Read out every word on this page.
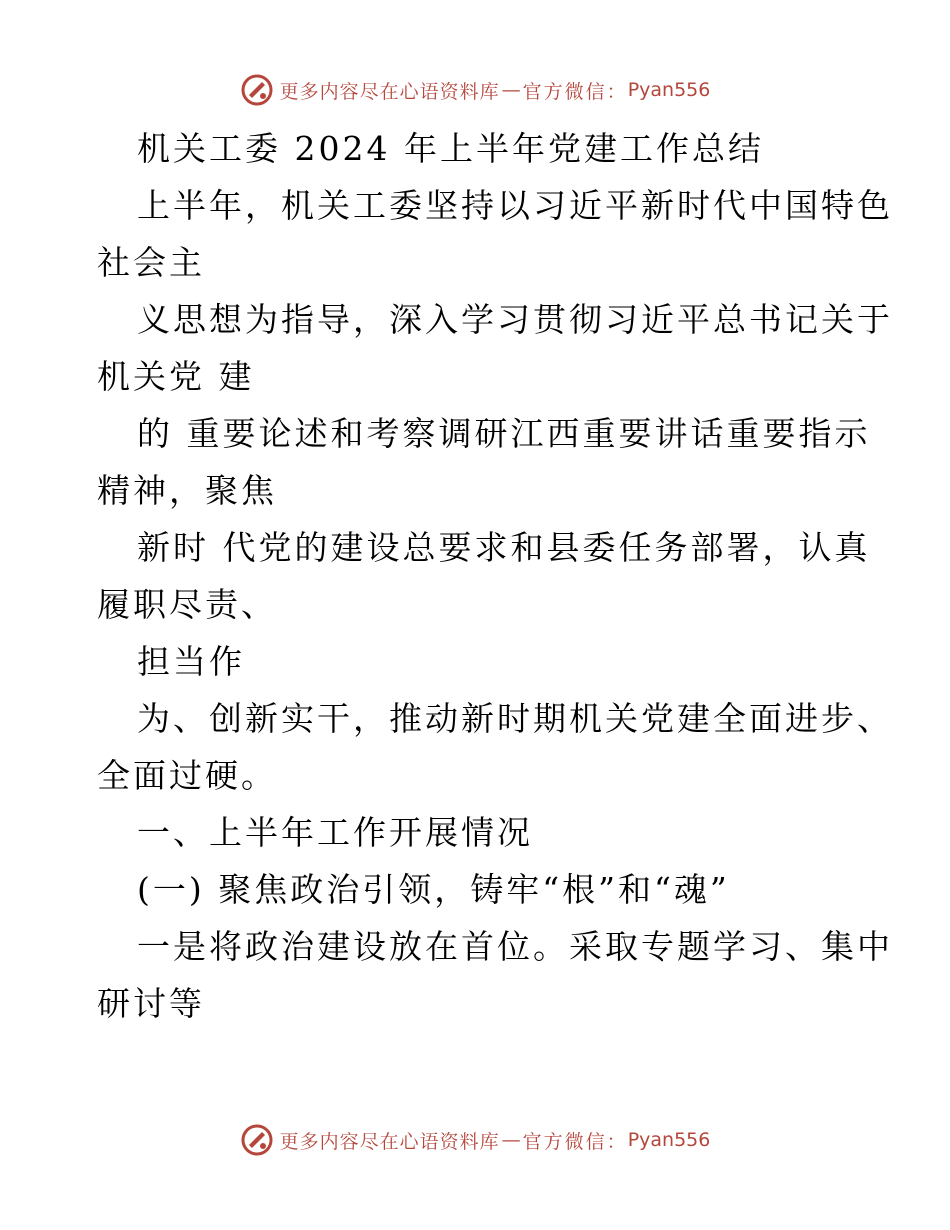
更多内容尽在心语资料库 — 官方微信： Pyan556

机关工委 2024 年上半年党建工作总结

上半年，机关工委坚持以习近平新时代中国特色

社会主

义思想为指导，深入学习贯彻习近平总书记关于

机关党 建

的 重要论述和考察调研江西重要讲话重要指示

精神，聚焦

新时 代党的建设总要求和县委任务部署，认真

履职尽责、

担当作

为、创新实干，推动新时期机关党建全面进步、

全面过硬。

一、上半年工作开展情况

(一) 聚焦政治引领，铸牢“根”和“魂”

一是将政治建设放在首位。采取专题学习、集中

研讨等

更多内容尽在心语资料库 — 官方微信： Pyan556
